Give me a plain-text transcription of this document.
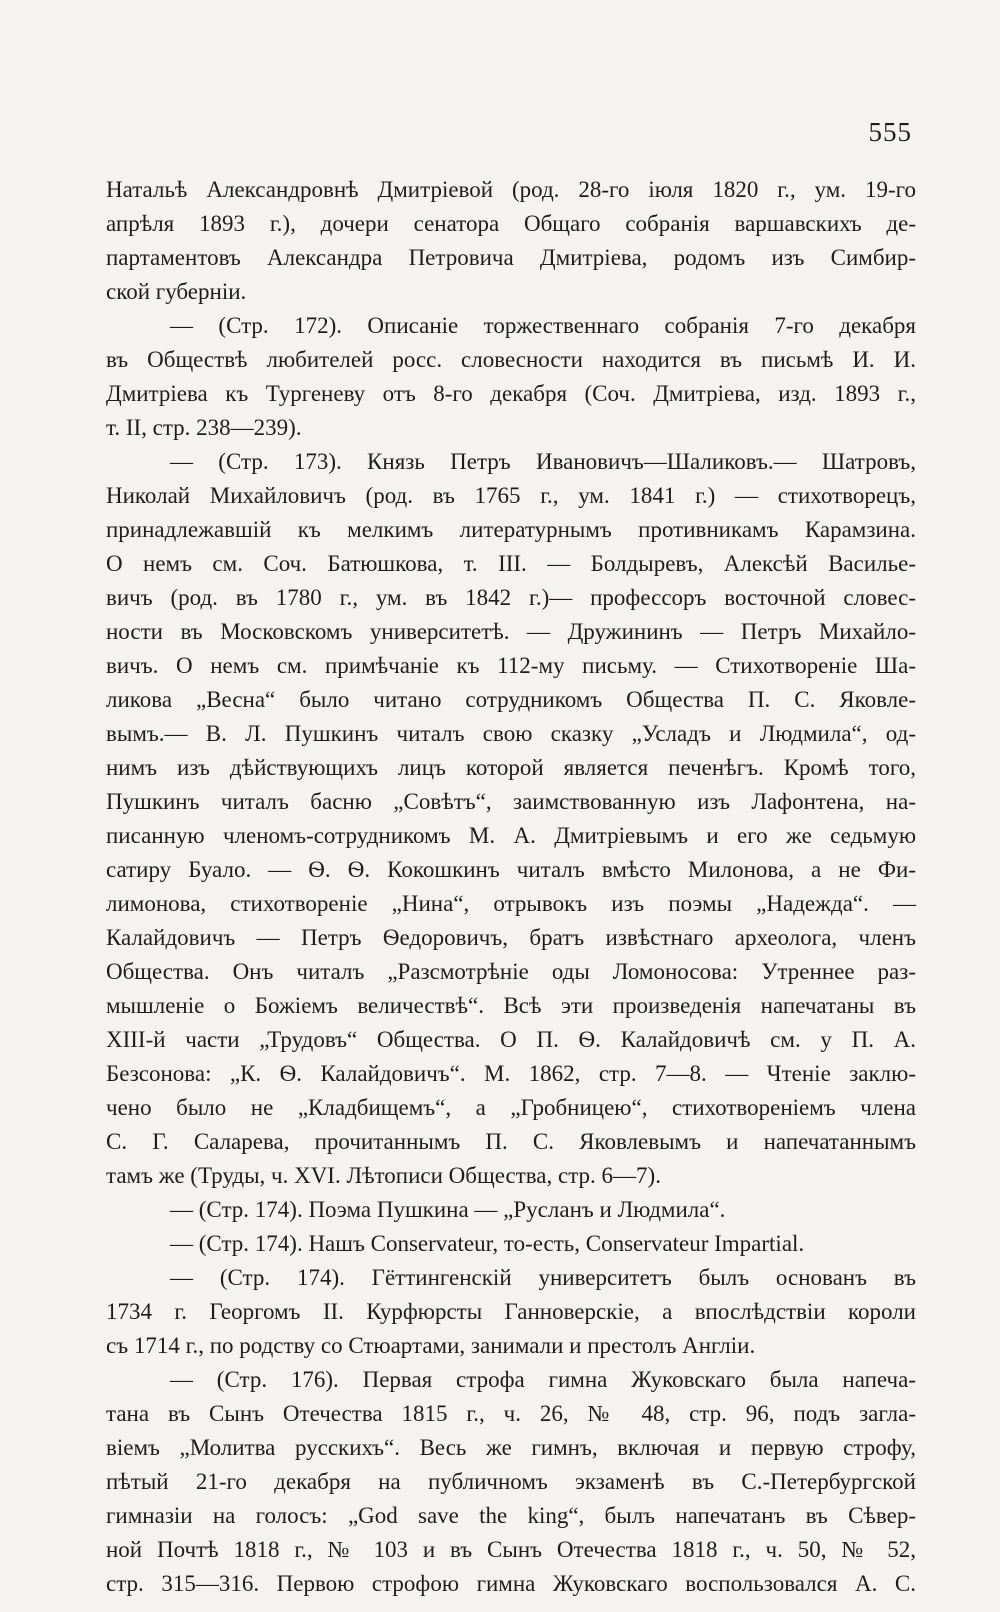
555

Натальѣ Александровнѣ Дмитріевой (род. 28-го іюля 1820 г., ум. 19-го
апрѣля 1893 г.), дочери сенатора Общаго собранія варшавскихъ де-
партаментовъ Александра Петровича Дмитріева, родомъ изъ Симбир-
ской губерніи.
— (Стр. 172). Описаніе торжественнаго собранія 7-го декабря
въ Обществѣ любителей росс. словесности находится въ письмѣ И. И.
Дмитріева къ Тургеневу отъ 8-го декабря (Соч. Дмитріева, изд. 1893 г.,
т. II, стр. 238—239).
— (Стр. 173). Князь Петръ Ивановичъ—Шаликовъ.— Шатровъ,
Николай Михайловичъ (род. въ 1765 г., ум. 1841 г.) — стихотворецъ,
принадлежавшій къ мелкимъ литературнымъ противникамъ Карамзина.
О немъ см. Соч. Батюшкова, т. III. — Болдыревъ, Алексѣй Василье-
вичъ (род. въ 1780 г., ум. въ 1842 г.)— профессоръ восточной словес-
ности въ Московскомъ университетѣ. — Дружининъ — Петръ Михайло-
вичъ. О немъ см. примѣчаніе къ 112-му письму. — Стихотвореніе Ша-
ликова „Весна“ было читано сотрудникомъ Общества П. С. Яковле-
вымъ.— В. Л. Пушкинъ читалъ свою сказку „Усладъ и Людмила“, од-
нимъ изъ дѣйствующихъ лицъ которой является печенѣгъ. Кромѣ того,
Пушкинъ читалъ басню „Совѣтъ“, заимствованную изъ Лафонтена, на-
писанную членомъ-сотрудникомъ М. А. Дмитріевымъ и его же седьмую
сатиру Буало. — Ѳ. Ѳ. Кокошкинъ читалъ вмѣсто Милонова, а не Фи-
лимонова, стихотвореніе „Нина“, отрывокъ изъ поэмы „Надежда“. —
Калайдовичъ — Петръ Ѳедоровичъ, братъ извѣстнаго археолога, членъ
Общества. Онъ читалъ „Разсмотрѣніе оды Ломоносова: Утреннее раз-
мышленіе о Божіемъ величествѣ“. Всѣ эти произведенія напечатаны въ
XIII-й части „Трудовъ“ Общества. О П. Ѳ. Калайдовичѣ см. у П. А.
Безсонова: „К. Ѳ. Калайдовичъ“. М. 1862, стр. 7—8. — Чтеніе заклю-
чено было не „Кладбищемъ“, а „Гробницею“, стихотвореніемъ члена
С. Г. Саларева, прочитаннымъ П. С. Яковлевымъ и напечатаннымъ
тамъ же (Труды, ч. XVI. Лѣтописи Общества, стр. 6—7).
— (Стр. 174). Поэма Пушкина — „Русланъ и Людмила“.
— (Стр. 174). Нашъ Conservateur, то-есть, Conservateur Impartial.
— (Стр. 174). Гёттингенскій университетъ былъ основанъ въ
1734 г. Георгомъ II. Курфюрсты Ганноверскіе, а впослѣдствіи короли
съ 1714 г., по родству со Стюартами, занимали и престолъ Англіи.
— (Стр. 176). Первая строфа гимна Жуковскаго была напеча-
тана въ Сынъ Отечества 1815 г., ч. 26, № 48, стр. 96, подъ загла-
віемъ „Молитва русскихъ“. Весь же гимнъ, включая и первую строфу,
пѣтый 21-го декабря на публичномъ экзаменѣ въ С.-Петербургской
гимназіи на голосъ: „God save the king“, былъ напечатанъ въ Сѣвер-
ной Почтѣ 1818 г., № 103 и въ Сынъ Отечества 1818 г., ч. 50, № 52,
стр. 315—316. Первою строфою гимна Жуковскаго воспользовался А. С.
